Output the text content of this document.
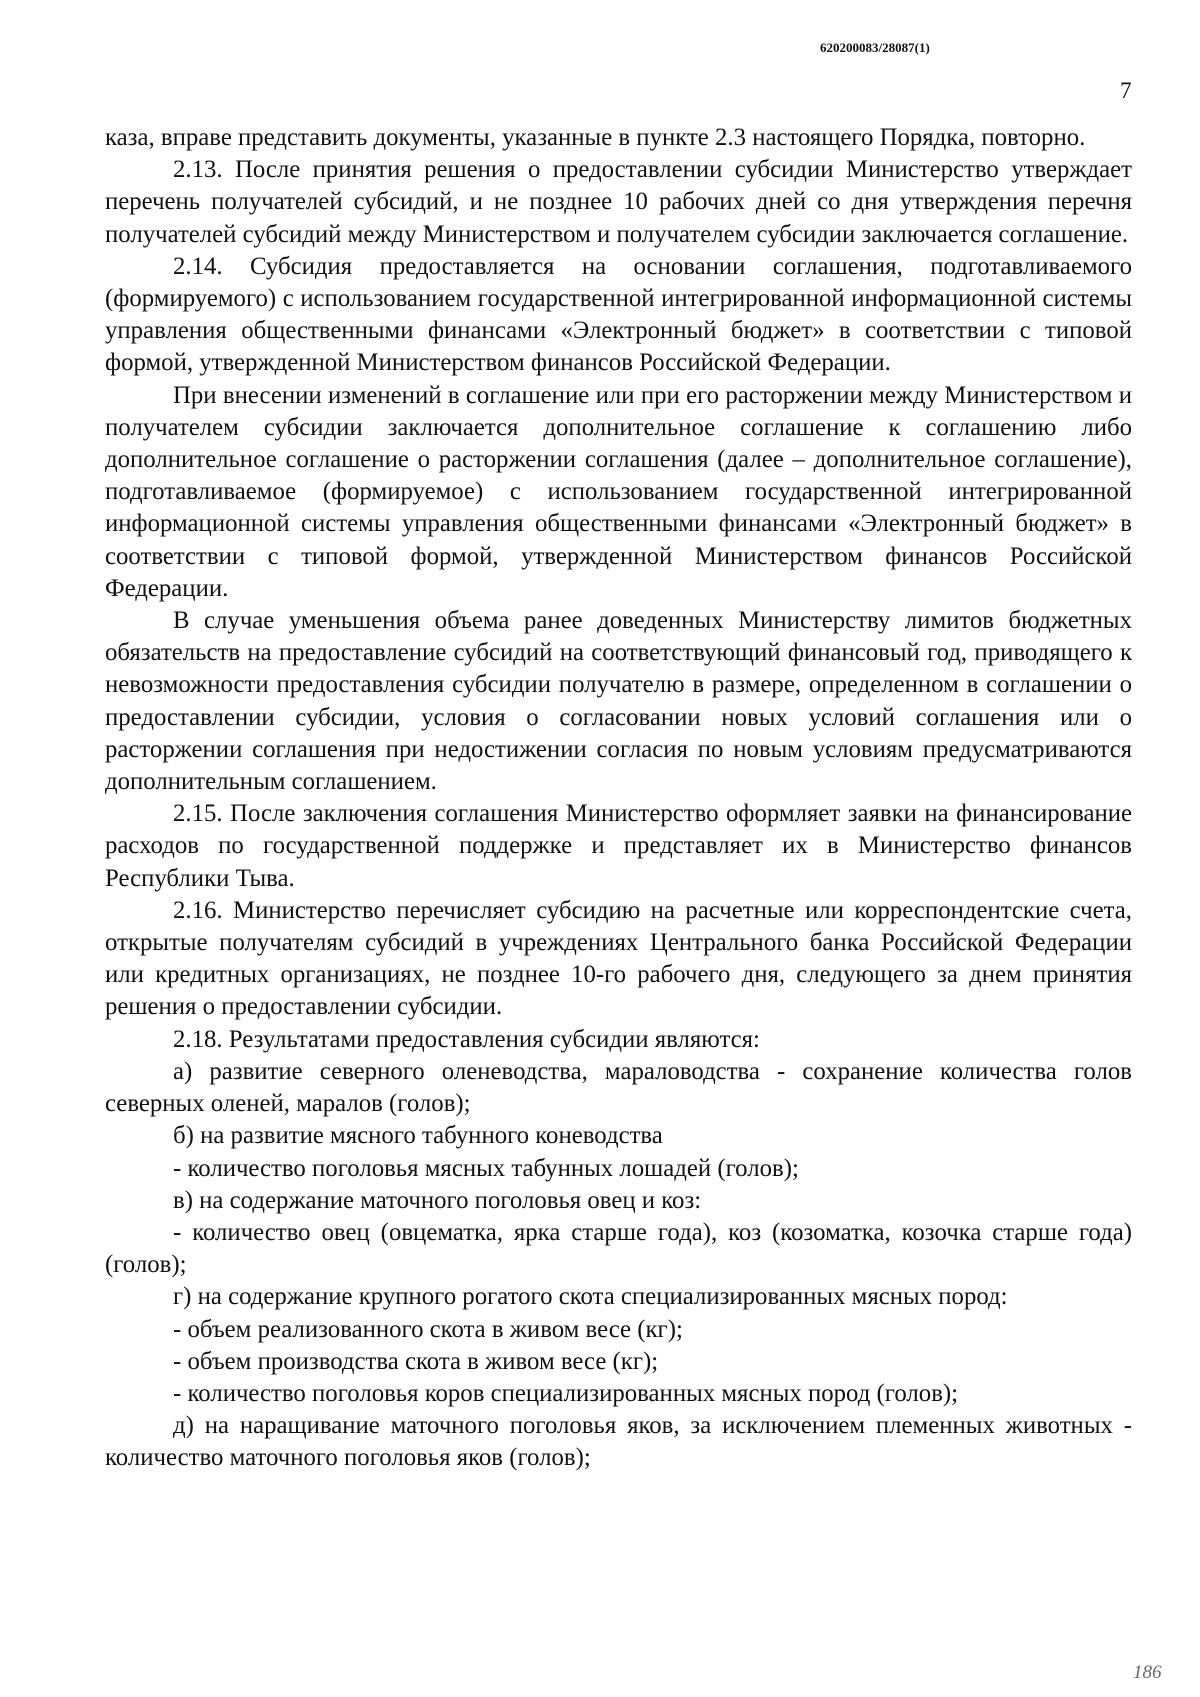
620200083/28087(1)
7

каза, вправе представить документы, указанные в пункте 2.3 настоящего Порядка, повторно.

2.13. После принятия решения о предоставлении субсидии Министерство утверждает перечень получателей субсидий, и не позднее 10 рабочих дней со дня утверждения перечня получателей субсидий между Министерством и получателем субсидии заключается соглашение.

2.14. Субсидия предоставляется на основании соглашения, подготавливаемого (формируемого) с использованием государственной интегрированной информационной системы управления общественными финансами «Электронный бюджет» в соответствии с типовой формой, утвержденной Министерством финансов Российской Федерации.

При внесении изменений в соглашение или при его расторжении между Министерством и получателем субсидии заключается дополнительное соглашение к соглашению либо дополнительное соглашение о расторжении соглашения (далее – дополнительное соглашение), подготавливаемое (формируемое) с использованием государственной интегрированной информационной системы управления общественными финансами «Электронный бюджет» в соответствии с типовой формой, утвержденной Министерством финансов Российской Федерации.

В случае уменьшения объема ранее доведенных Министерству лимитов бюджетных обязательств на предоставление субсидий на соответствующий финансовый год, приводящего к невозможности предоставления субсидии получателю в размере, определенном в соглашении о предоставлении субсидии, условия о согласовании новых условий соглашения или о расторжении соглашения при недостижении согласия по новым условиям предусматриваются дополнительным соглашением.

2.15. После заключения соглашения Министерство оформляет заявки на финансирование расходов по государственной поддержке и представляет их в Министерство финансов Республики Тыва.

2.16. Министерство перечисляет субсидию на расчетные или корреспондентские счета, открытые получателям субсидий в учреждениях Центрального банка Российской Федерации или кредитных организациях, не позднее 10-го рабочего дня, следующего за днем принятия решения о предоставлении субсидии.

2.18. Результатами предоставления субсидии являются:

а) развитие северного оленеводства, мараловодства - сохранение количества голов северных оленей, маралов (голов);

б) на развитие мясного табунного коневодства

- количество поголовья мясных табунных лошадей (голов);

в) на содержание маточного поголовья овец и коз:

- количество овец (овцематка, ярка старше года), коз (козоматка, козочка старше года) (голов);

г) на содержание крупного рогатого скота специализированных мясных пород:

- объем реализованного скота в живом весе (кг);

- объем производства скота в живом весе (кг);

- количество поголовья коров специализированных мясных пород (голов);

д) на наращивание маточного поголовья яков, за исключением племенных животных - количество маточного поголовья яков (голов);

186
